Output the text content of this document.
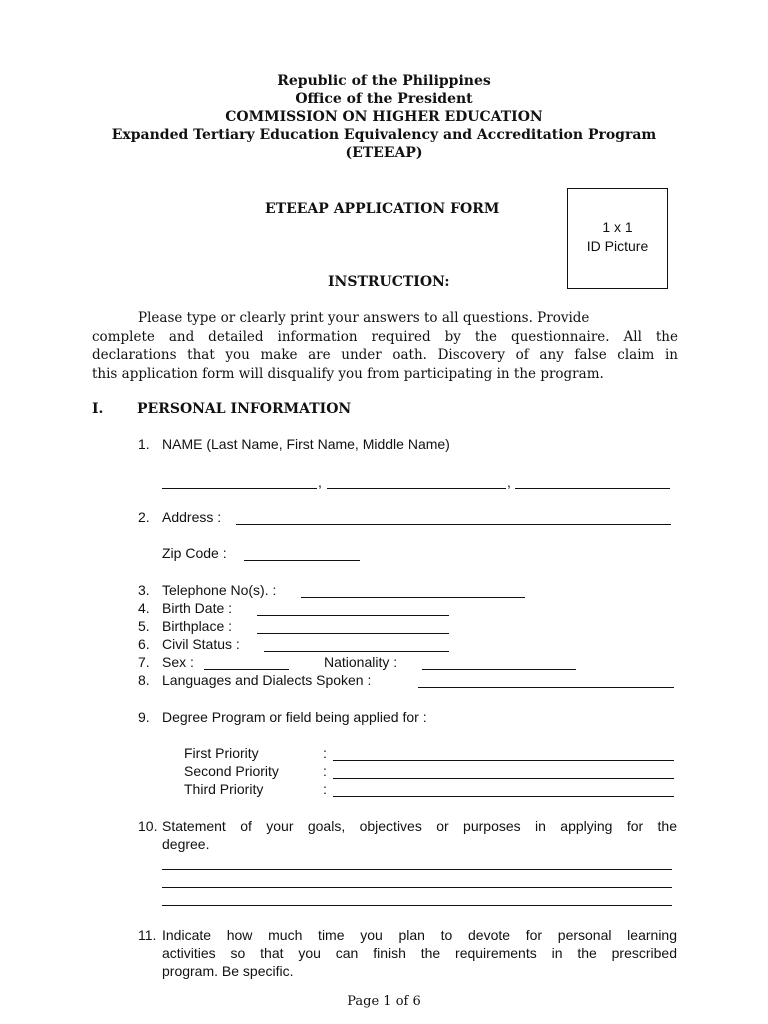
Republic of the Philippines
Office of the President
COMMISSION ON HIGHER EDUCATION
Expanded Tertiary Education Equivalency and Accreditation Program
(ETEEAP)
ETEEAP APPLICATION FORM
1 x 1
ID Picture
INSTRUCTION:
Please type or clearly print your answers to all questions. Provide
complete and detailed information required by the questionnaire. All the
declarations that you make are under oath. Discovery of any false claim in
this application form will disqualify you from participating in the program.
I. PERSONAL INFORMATION
1. NAME (Last Name, First Name, Middle Name)
,	,
2. Address :
Zip Code :
3. Telephone No(s). :
4. Birth Date :
5. Birthplace :
6. Civil Status :
7. Sex :	Nationality :
8. Languages and Dialects Spoken :
9. Degree Program or field being applied for :
First Priority	:
Second Priority	:
Third Priority	:
10. Statement of your goals, objectives or purposes in applying for the
degree.
11. Indicate how much time you plan to devote for personal learning
activities so that you can finish the requirements in the prescribed
program. Be specific.
Page 1 of 6
